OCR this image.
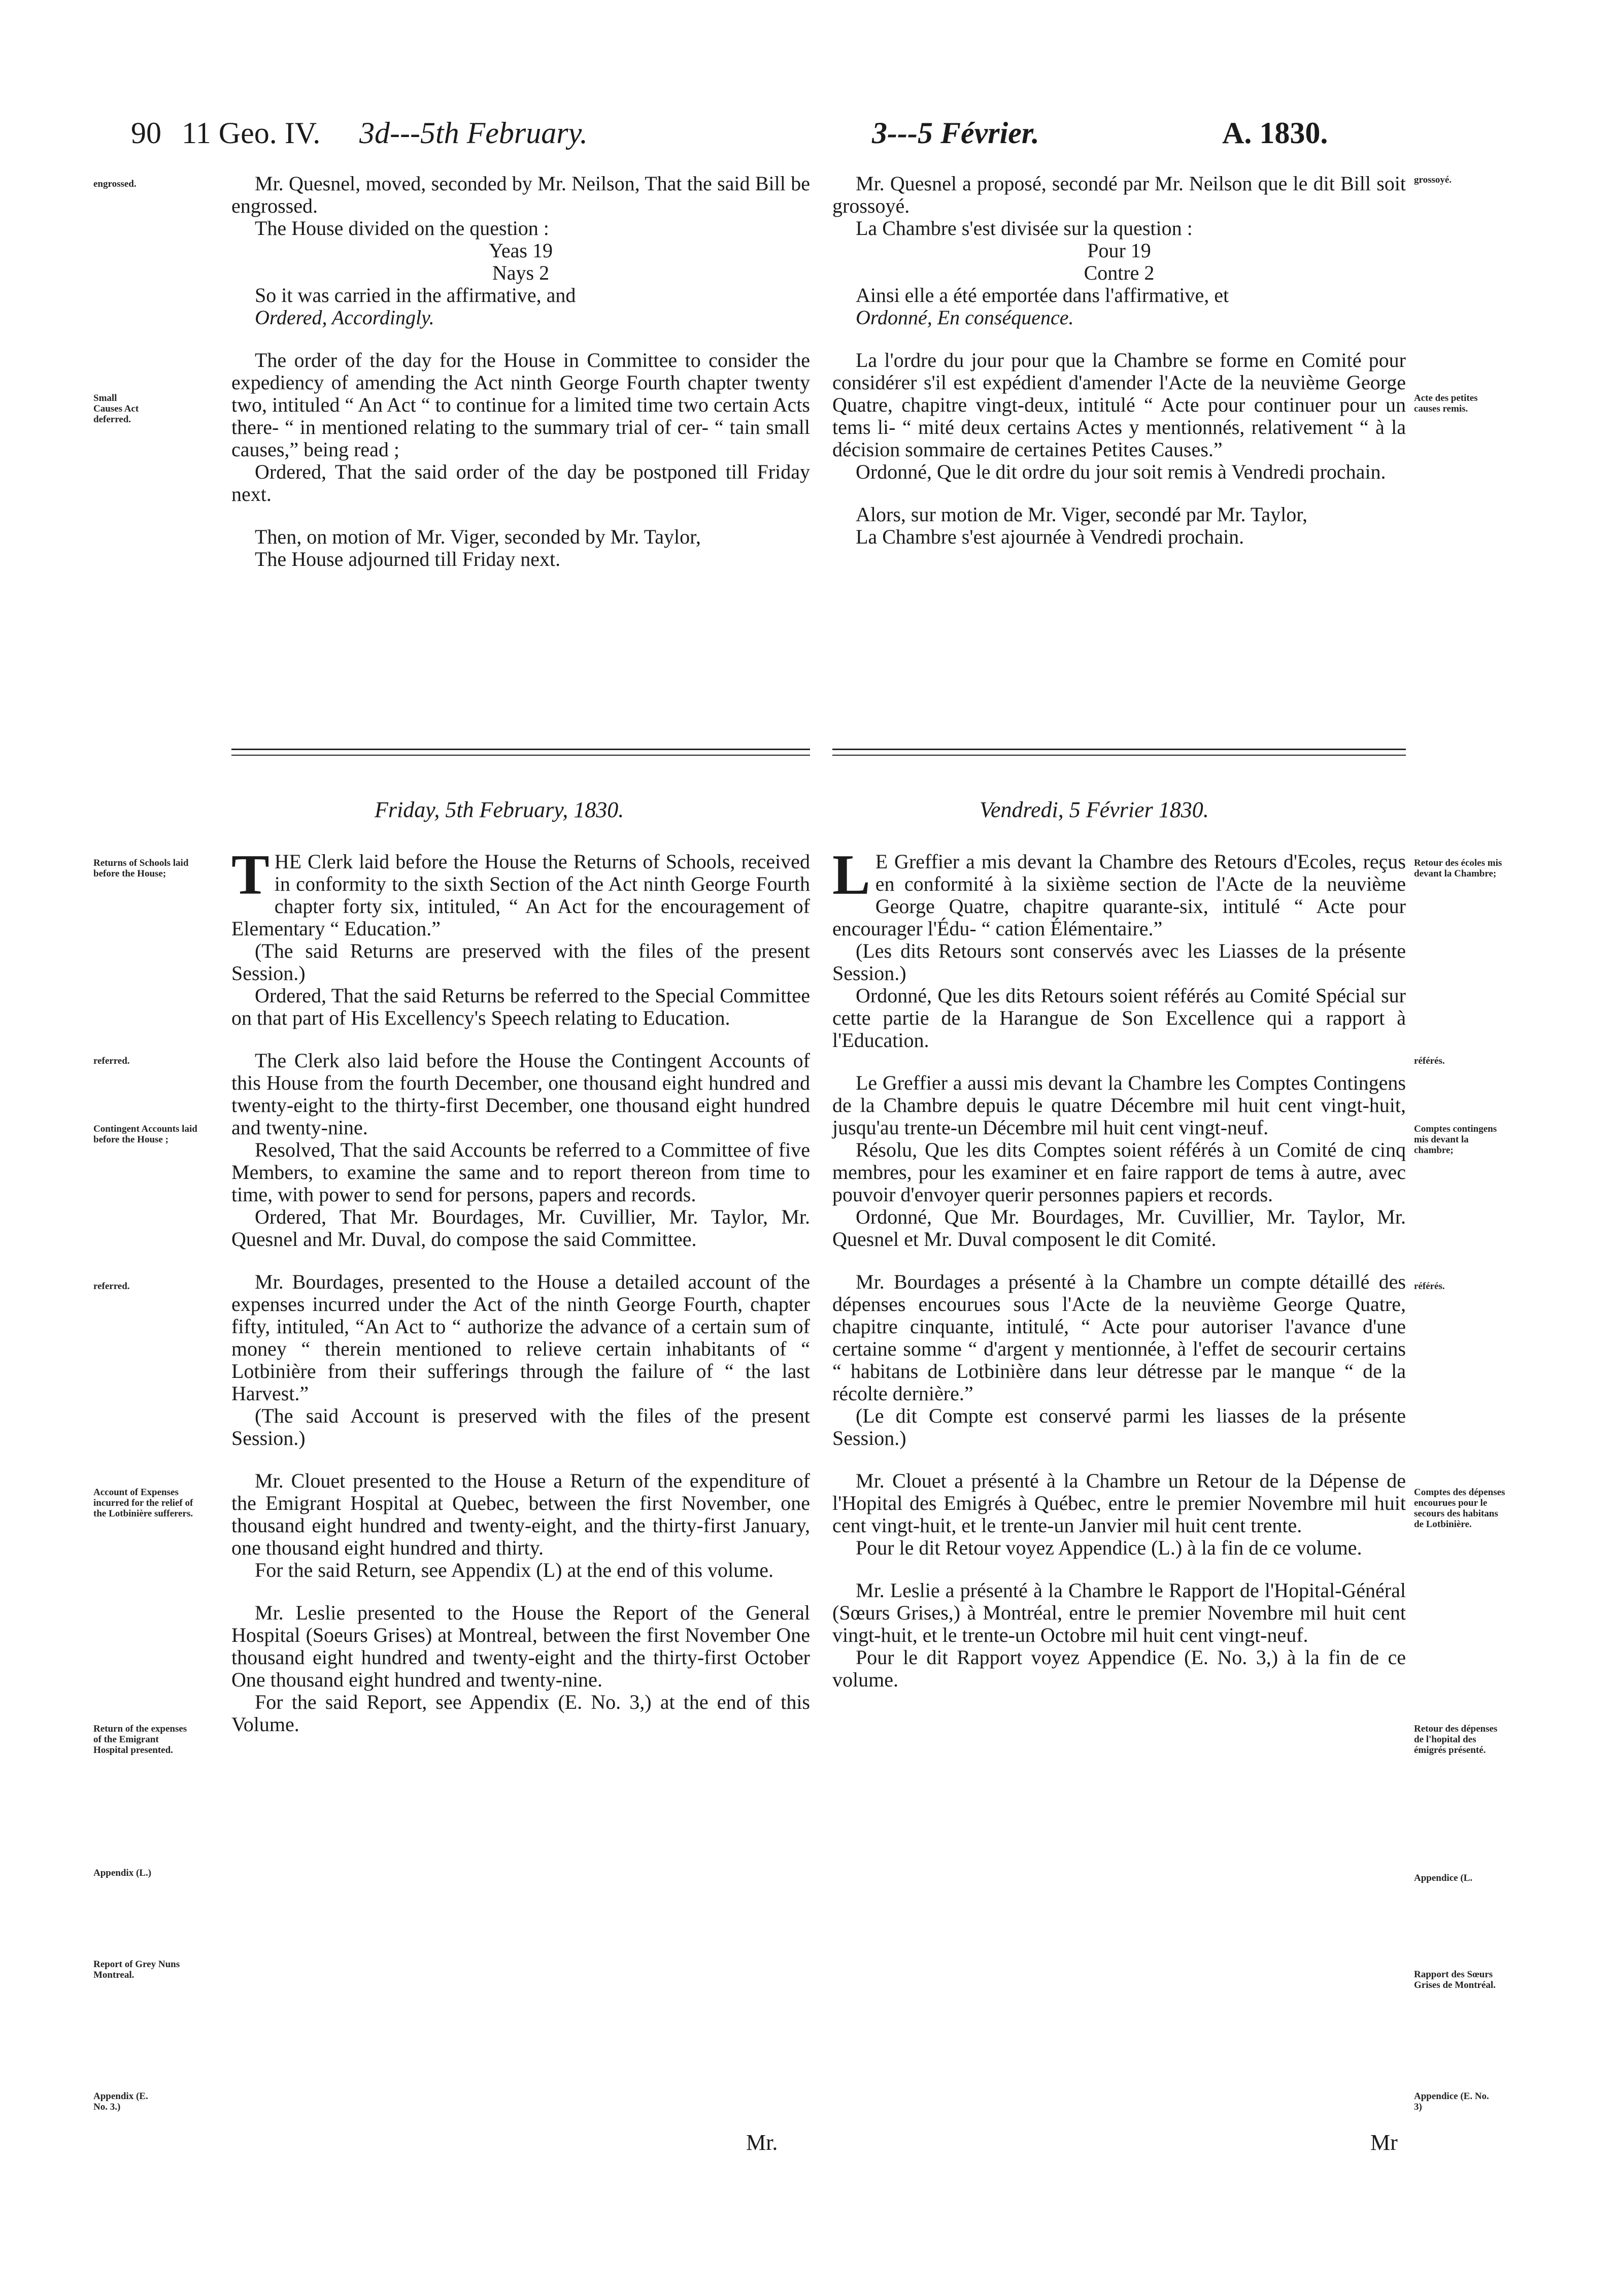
90 11 Geo. IV. 3d---5th February.	3---5 Février.	A. 1830.

Mr. Quesnel, moved, seconded by Mr. Neilson, That the said Bill be engrossed.

The House divided on the question :

Yeas 19

Nays 2

So it was carried in the affirmative, and

Ordered, Accordingly.

The order of the day for the House in Committee to consider the expediency of amending the Act ninth George Fourth chapter twenty two, intituled “ An Act “ to continue for a limited time two certain Acts there- “ in mentioned relating to the summary trial of cer- “ tain small causes,” being read ;

Ordered, That the said order of the day be postponed till Friday next.

Then, on motion of Mr. Viger, seconded by Mr. Taylor,

The House adjourned till Friday next.

Mr. Quesnel a proposé, secondé par Mr. Neilson que le dit Bill soit grossoyé.

La Chambre s'est divisée sur la question :

Pour 19

Contre 2

Ainsi elle a été emportée dans l'affirmative, et

Ordonné, En conséquence.

La l'ordre du jour pour que la Chambre se forme en Comité pour considérer s'il est expédient d'amender l'Acte de la neuvième George Quatre, chapitre vingt-deux, intitulé “ Acte pour continuer pour un tems li- “ mité deux certains Actes y mentionnés, relativement “ à la décision sommaire de certaines Petites Causes.”

Ordonné, Que le dit ordre du jour soit remis à Vendredi prochain.

Alors, sur motion de Mr. Viger, secondé par Mr. Taylor,

La Chambre s'est ajournée à Vendredi prochain.

engrossed.
Small Causes Act deferred.
grossoyé.
Acte des petites causes remis.
Friday, 5th February, 1830.	Vendredi, 5 Février 1830.

THE Clerk laid before the House the Returns of Schools, received in conformity to the sixth Section of the Act ninth George Fourth chapter forty six, intituled, “ An Act for the encouragement of Elementary “ Education.”

(The said Returns are preserved with the files of the present Session.)

Ordered, That the said Returns be referred to the Special Committee on that part of His Excellency's Speech relating to Education.

The Clerk also laid before the House the Contingent Accounts of this House from the fourth December, one thousand eight hundred and twenty-eight to the thirty-first December, one thousand eight hundred and twenty-nine.

Resolved, That the said Accounts be referred to a Committee of five Members, to examine the same and to report thereon from time to time, with power to send for persons, papers and records.

Ordered, That Mr. Bourdages, Mr. Cuvillier, Mr. Taylor, Mr. Quesnel and Mr. Duval, do compose the said Committee.

Mr. Bourdages, presented to the House a detailed account of the expenses incurred under the Act of the ninth George Fourth, chapter fifty, intituled, “An Act to “ authorize the advance of a certain sum of money “ therein mentioned to relieve certain inhabitants of “ Lotbinière from their sufferings through the failure of “ the last Harvest.”

(The said Account is preserved with the files of the present Session.)

Mr. Clouet presented to the House a Return of the expenditure of the Emigrant Hospital at Quebec, between the first November, one thousand eight hundred and twenty-eight, and the thirty-first January, one thousand eight hundred and thirty.

For the said Return, see Appendix (L) at the end of this volume.

Mr. Leslie presented to the House the Report of the General Hospital (Soeurs Grises) at Montreal, between the first November One thousand eight hundred and twenty-eight and the thirty-first October One thousand eight hundred and twenty-nine.

For the said Report, see Appendix (E. No. 3,) at the end of this Volume.

L E Greffier a mis devant la Chambre des Retours d'Ecoles, reçus en conformité à la sixième section de l'Acte de la neuvième George Quatre, chapitre quarante-six, intitulé “ Acte pour encourager l'Édu- “ cation Élémentaire.”

(Les dits Retours sont conservés avec les Liasses de la présente Session.)

Ordonné, Que les dits Retours soient référés au Comité Spécial sur cette partie de la Harangue de Son Excellence qui a rapport à l'Education.

Le Greffier a aussi mis devant la Chambre les Comptes Contingens de la Chambre depuis le quatre Décembre mil huit cent vingt-huit, jusqu'au trente-un Décembre mil huit cent vingt-neuf.

Résolu, Que les dits Comptes soient référés à un Comité de cinq membres, pour les examiner et en faire rapport de tems à autre, avec pouvoir d'envoyer querir personnes papiers et records.

Ordonné, Que Mr. Bourdages, Mr. Cuvillier, Mr. Taylor, Mr. Quesnel et Mr. Duval composent le dit Comité.

Mr. Bourdages a présenté à la Chambre un compte détaillé des dépenses encourues sous l'Acte de la neuvième George Quatre, chapitre cinquante, intitulé, “ Acte pour autoriser l'avance d'une certaine somme “ d'argent y mentionnée, à l'effet de secourir certains “ habitans de Lotbinière dans leur détresse par le manque “ de la récolte dernière.”

(Le dit Compte est conservé parmi les liasses de la présente Session.)

Mr. Clouet a présenté à la Chambre un Retour de la Dépense de l'Hopital des Emigrés à Québec, entre le premier Novembre mil huit cent vingt-huit, et le trente-un Janvier mil huit cent trente.

Pour le dit Retour voyez Appendice (L.) à la fin de ce volume.

Mr. Leslie a présenté à la Chambre le Rapport de l'Hopital-Général (Sœurs Grises,) à Montréal, entre le premier Novembre mil huit cent vingt-huit, et le trente-un Octobre mil huit cent vingt-neuf.

Pour le dit Rapport voyez Appendice (E. No. 3,) à la fin de ce volume.

Returns of Schools laid before the House;
referred.
Contingent Accounts laid before the House ;
referred.
Account of Expenses incurred for the relief of the Lotbinière sufferers.
Return of the expenses of the Emigrant Hospital presented.
Appendix (L.)
Report of Grey Nuns Montreal.
Appendix (E. No. 3.)
Retour des écoles mis devant la Chambre;
référés.
Comptes contingens mis devant la chambre;
référés.
Comptes des dépenses encourues pour le secours des habitans de Lotbinière.
Retour des dépenses de l'hopital des émigrés présenté.
Appendice (L.
Rapport des Sœurs Grises de Montréal.
Appendice (E. No. 3)
Mr.	Mr
